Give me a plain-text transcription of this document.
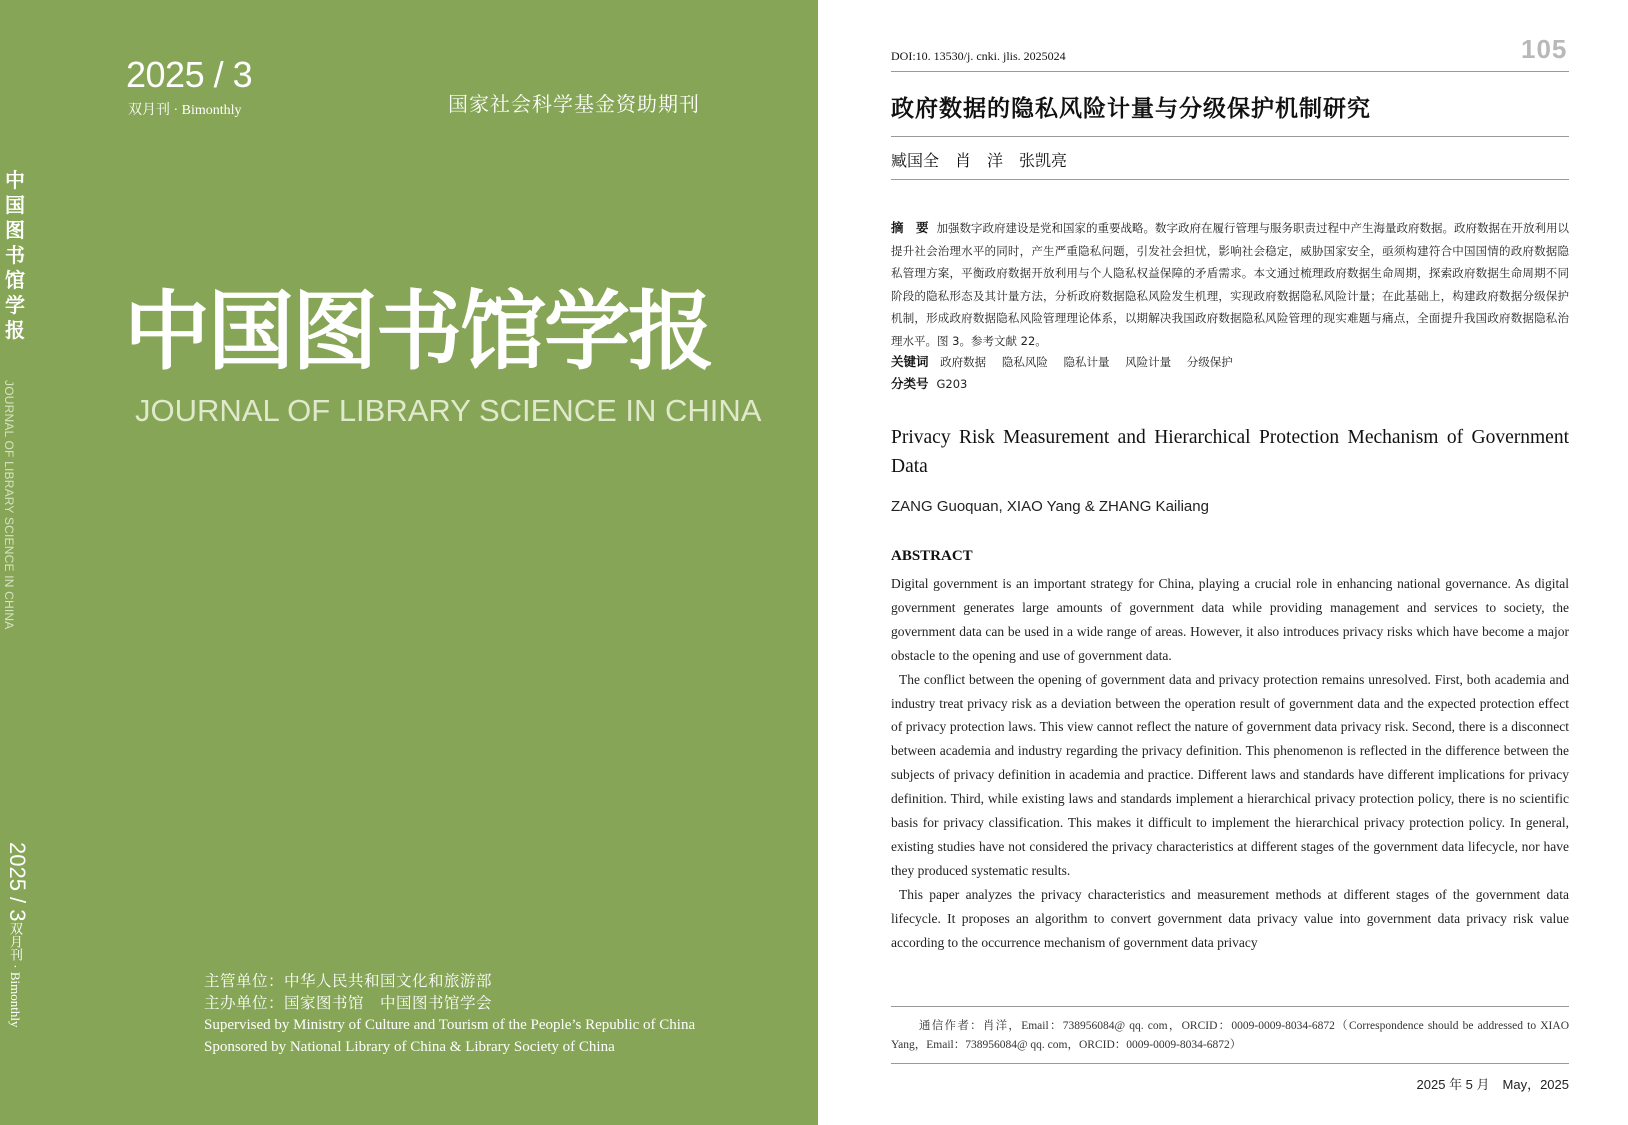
中国图书馆学报
JOURNAL OF LIBRARY SCIENCE IN CHINA
2025 / 3
双月刊 · Bimonthly
2025 / 3
双月刊 · Bimonthly	国家社会科学基金资助期刊
中国图书馆学报
JOURNAL OF LIBRARY SCIENCE IN CHINA
主管单位：中华人民共和国文化和旅游部
主办单位：国家图书馆　中国图书馆学会
Supervised by Ministry of Culture and Tourism of the People’s Republic of China
Sponsored by National Library of China & Library Society of China
105
DOI:10. 13530/j. cnki. jlis. 2025024
政府数据的隐私风险计量与分级保护机制研究
臧国全　肖　洋　张凯亮
摘　要 加强数字政府建设是党和国家的重要战略。数字政府在履行管理与服务职责过程中产生海量政府数据。政府数据在开放利用以提升社会治理水平的同时，产生严重隐私问题，引发社会担忧，影响社会稳定，威胁国家安全，亟须构建符合中国国情的政府数据隐私管理方案，平衡政府数据开放利用与个人隐私权益保障的矛盾需求。本文通过梳理政府数据生命周期，探索政府数据生命周期不同阶段的隐私形态及其计量方法，分析政府数据隐私风险发生机理，实现政府数据隐私风险计量；在此基础上，构建政府数据分级保护机制，形成政府数据隐私风险管理理论体系，以期解决我国政府数据隐私风险管理的现实难题与痛点，全面提升我国政府数据隐私治理水平。图 3。参考文献 22。
关键词 政府数据 隐私风险 隐私计量 风险计量 分级保护
分类号 G203
Privacy Risk Measurement and Hierarchical Protection Mechanism of Government Data
ZANG Guoquan, XIAO Yang & ZHANG Kailiang
ABSTRACT

Digital government is an important strategy for China, playing a crucial role in enhancing national governance. As digital government generates large amounts of government data while providing management and services to society, the government data can be used in a wide range of areas. However, it also introduces privacy risks which have become a major obstacle to the opening and use of government data.

The conflict between the opening of government data and privacy protection remains unresolved. First, both academia and industry treat privacy risk as a deviation between the operation result of government data and the expected protection effect of privacy protection laws. This view cannot reflect the nature of government data privacy risk. Second, there is a disconnect between academia and industry regarding the privacy definition. This phenomenon is reflected in the difference between the subjects of privacy definition in academia and practice. Different laws and standards have different implications for privacy definition. Third, while existing laws and standards implement a hierarchical privacy protection policy, there is no scientific basis for privacy classification. This makes it difficult to implement the hierarchical privacy protection policy. In general, existing studies have not considered the privacy characteristics at different stages of the government data lifecycle, nor have they produced systematic results.

This paper analyzes the privacy characteristics and measurement methods at different stages of the government data lifecycle. It proposes an algorithm to convert government data privacy value into government data privacy risk value according to the occurrence mechanism of government data privacy

通信作者：肖洋，Email：738956084@ qq. com，ORCID：0009-0009-8034-6872（Correspondence should be addressed to XIAO Yang，Email：738956084@ qq. com，ORCID：0009-0009-8034-6872）
2025 年 5 月　May，2025
